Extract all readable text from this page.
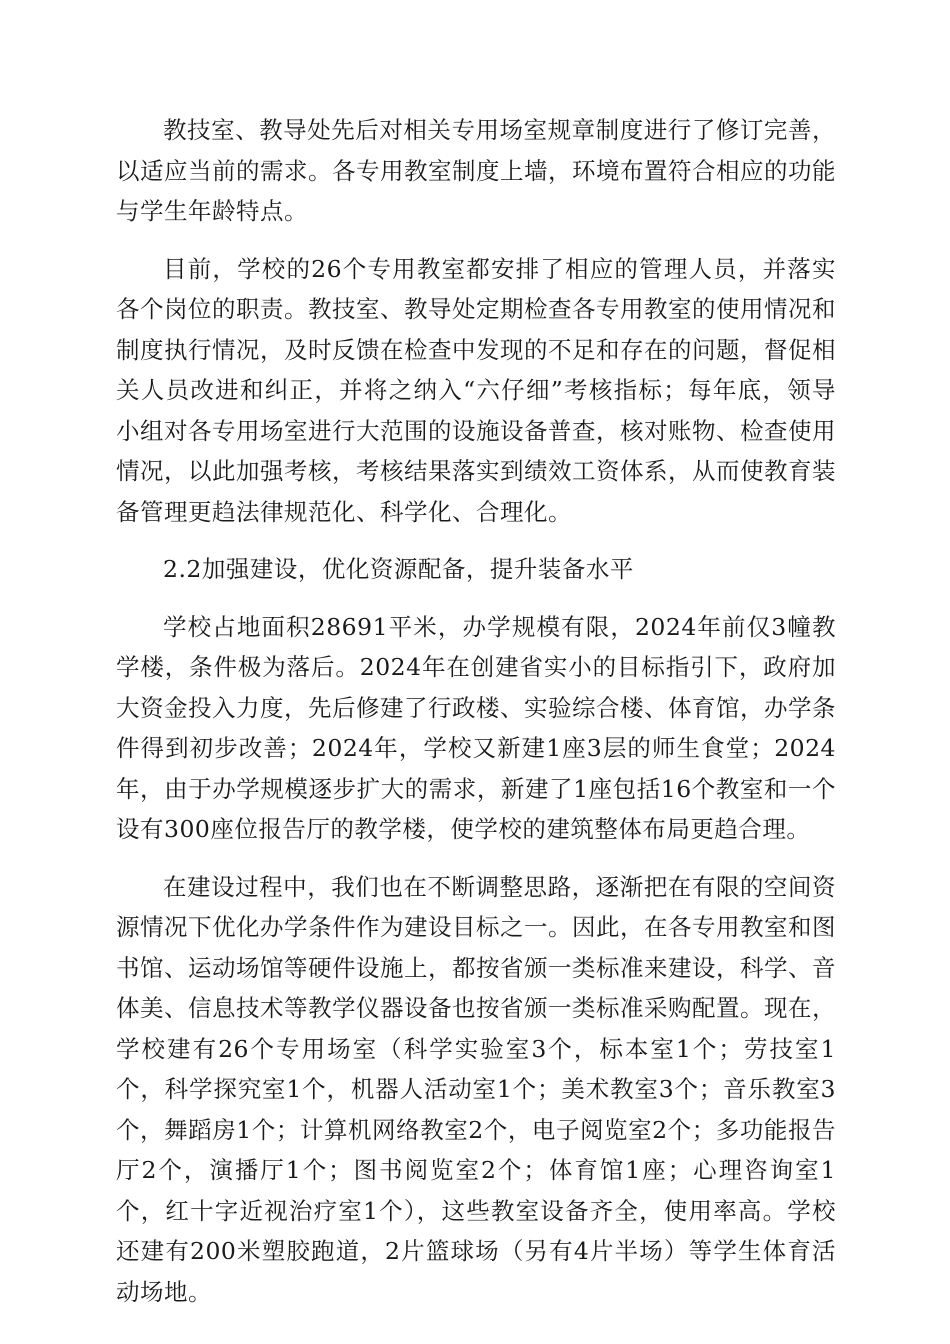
教技室、教导处先后对相关专用场室规章制度进行了修订完善，以适应当前的需求。各专用教室制度上墙，环境布置符合相应的功能与学生年龄特点。

目前，学校的26个专用教室都安排了相应的管理人员，并落实各个岗位的职责。教技室、教导处定期检查各专用教室的使用情况和制度执行情况，及时反馈在检查中发现的不足和存在的问题，督促相关人员改进和纠正，并将之纳入“六仔细”考核指标；每年底，领导小组对各专用场室进行大范围的设施设备普查，核对账物、检查使用情况，以此加强考核，考核结果落实到绩效工资体系，从而使教育装备管理更趋法律规范化、科学化、合理化。

2.2加强建设，优化资源配备，提升装备水平

学校占地面积28691平米，办学规模有限，2024年前仅3幢教学楼，条件极为落后。2024年在创建省实小的目标指引下，政府加大资金投入力度，先后修建了行政楼、实验综合楼、体育馆，办学条件得到初步改善；2024年，学校又新建1座3层的师生食堂；2024年，由于办学规模逐步扩大的需求，新建了1座包括16个教室和一个设有300座位报告厅的教学楼，使学校的建筑整体布局更趋合理。

在建设过程中，我们也在不断调整思路，逐渐把在有限的空间资源情况下优化办学条件作为建设目标之一。因此，在各专用教室和图书馆、运动场馆等硬件设施上，都按省颁一类标准来建设，科学、音体美、信息技术等教学仪器设备也按省颁一类标准采购配置。现在，学校建有26个专用场室（科学实验室3个，标本室1个；劳技室1个，科学探究室1个，机器人活动室1个；美术教室3个；音乐教室3个，舞蹈房1个；计算机网络教室2个，电子阅览室2个；多功能报告厅2个，演播厅1个；图书阅览室2个；体育馆1座；心理咨询室1个，红十字近视治疗室1个），这些教室设备齐全，使用率高。学校还建有200米塑胶跑道，2片篮球场（另有4片半场）等学生体育活动场地。
